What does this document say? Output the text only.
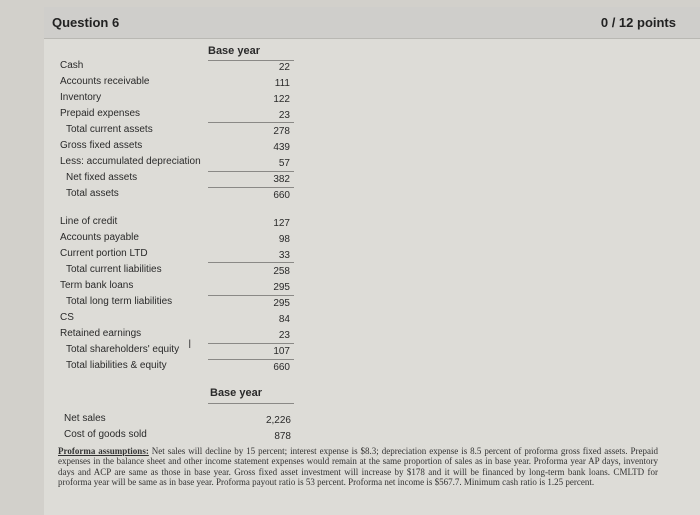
Question 6	0 / 12 points
Base year
Cash	22
Accounts receivable	111
Inventory	122
Prepaid expenses	23
Total current assets	278
Gross fixed assets	439
Less: accumulated depreciation	57
Net fixed assets	382
Total assets	660
Line of credit	127
Accounts payable	98
Current portion LTD	33
Total current liabilities	258
Term bank loans	295
Total long term liabilities	295
CS	84
Retained earnings	23
Total shareholders' equity	107
Total liabilities & equity	660
I
Base year
Net sales	2,226
Cost of goods sold	878
Proforma assumptions: Net sales will decline by 15 percent; interest expense is $8.3; depreciation expense is 8.5 percent of proforma gross fixed assets. Prepaid expenses in the balance sheet and other income statement expenses would remain at the same proportion of sales as in base year. Proforma year AP days, inventory days and ACP are same as those in base year. Gross fixed asset investment will increase by $178 and it will be financed by long-term bank loans. CMLTD for proforma year will be same as in base year. Proforma payout ratio is 53 percent. Proforma net income is $567.7. Minimum cash ratio is 1.25 percent.
